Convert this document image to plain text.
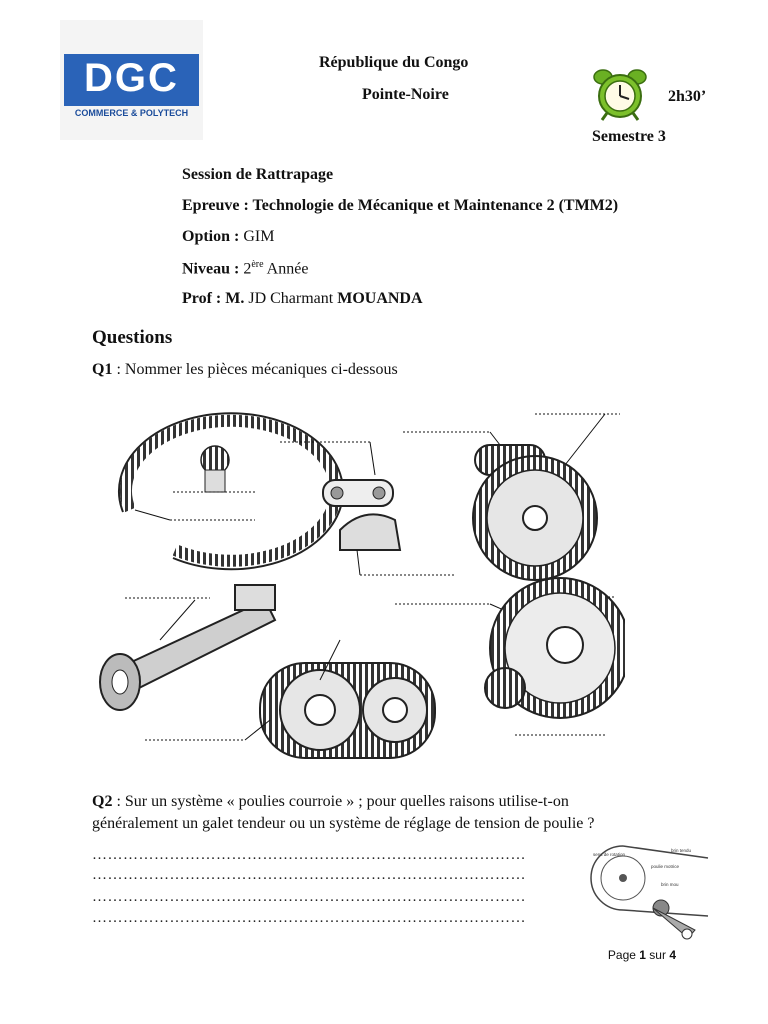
DGC
COMMERCE & POLYTECH
République du Congo
Pointe-Noire	2h30’
Semestre 3
Session de Rattrapage
Epreuve : Technologie de Mécanique et Maintenance 2 (TMM2)
Option : GIM
Niveau : 2ère Année
Prof : M. JD Charmant MOUANDA
Questions
Q1 : Nommer les pièces mécaniques ci-dessous
Q2 : Sur un système « poulies courroie » ; pour quelles raisons utilise-t-on
généralement un galet tendeur ou un système de réglage de tension de poulie ?
…………………………………………………………………………
…………………………………………………………………………
…………………………………………………………………………
…………………………………………………………………………
brin tendu
sens de rotation
poulie motrice
brin mou
Page 1 sur 4
